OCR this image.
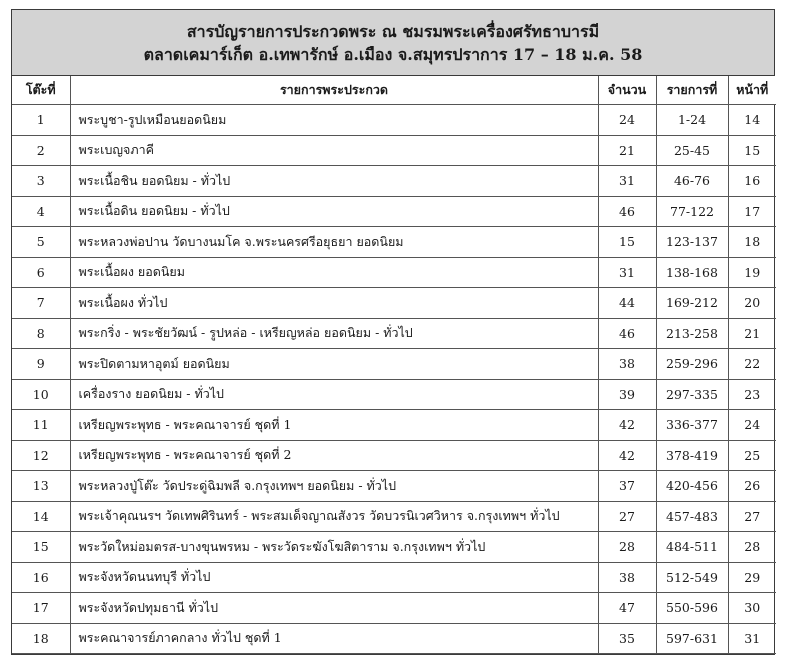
สารบัญรายการประกวดพระ ณ ชมรมพระเครื่องศรัทธาบารมี
ตลาดเคมาร์เก็ต อ.เทพารักษ์ อ.เมือง จ.สมุทรปราการ 17 – 18 ม.ค. 58
โต๊ะที่	รายการพระประกวด	จำนวน	รายการที่	หน้าที่
1	พระบูชา-รูปเหมือนยอดนิยม	24	1-24	14
2	พระเบญจภาคี	21	25-45	15
3	พระเนื้อชิน ยอดนิยม - ทั่วไป	31	46-76	16
4	พระเนื้อดิน ยอดนิยม - ทั่วไป	46	77-122	17
5	พระหลวงพ่อปาน วัดบางนมโค จ.พระนครศรีอยุธยา ยอดนิยม	15	123-137	18
6	พระเนื้อผง ยอดนิยม	31	138-168	19
7	พระเนื้อผง ทั่วไป	44	169-212	20
8	พระกริ่ง - พระชัยวัฒน์ - รูปหล่อ - เหรียญหล่อ ยอดนิยม - ทั่วไป	46	213-258	21
9	พระปิดตามหาอุตม์ ยอดนิยม	38	259-296	22
10	เครื่องราง ยอดนิยม - ทั่วไป	39	297-335	23
11	เหรียญพระพุทธ - พระคณาจารย์ ชุดที่ 1	42	336-377	24
12	เหรียญพระพุทธ - พระคณาจารย์ ชุดที่ 2	42	378-419	25
13	พระหลวงปู่โต๊ะ วัดประดู่ฉิมพลี จ.กรุงเทพฯ ยอดนิยม - ทั่วไป	37	420-456	26
14	พระเจ้าคุณนรฯ วัดเทพศิรินทร์ - พระสมเด็จญาณสังวร วัดบวรนิเวศวิหาร จ.กรุงเทพฯ ทั่วไป	27	457-483	27
15	พระวัดใหม่อมตรส-บางขุนพรหม - พระวัดระฆังโฆสิตาราม จ.กรุงเทพฯ ทั่วไป	28	484-511	28
16	พระจังหวัดนนทบุรี ทั่วไป	38	512-549	29
17	พระจังหวัดปทุมธานี ทั่วไป	47	550-596	30
18	พระคณาจารย์ภาคกลาง ทั่วไป ชุดที่ 1	35	597-631	31
